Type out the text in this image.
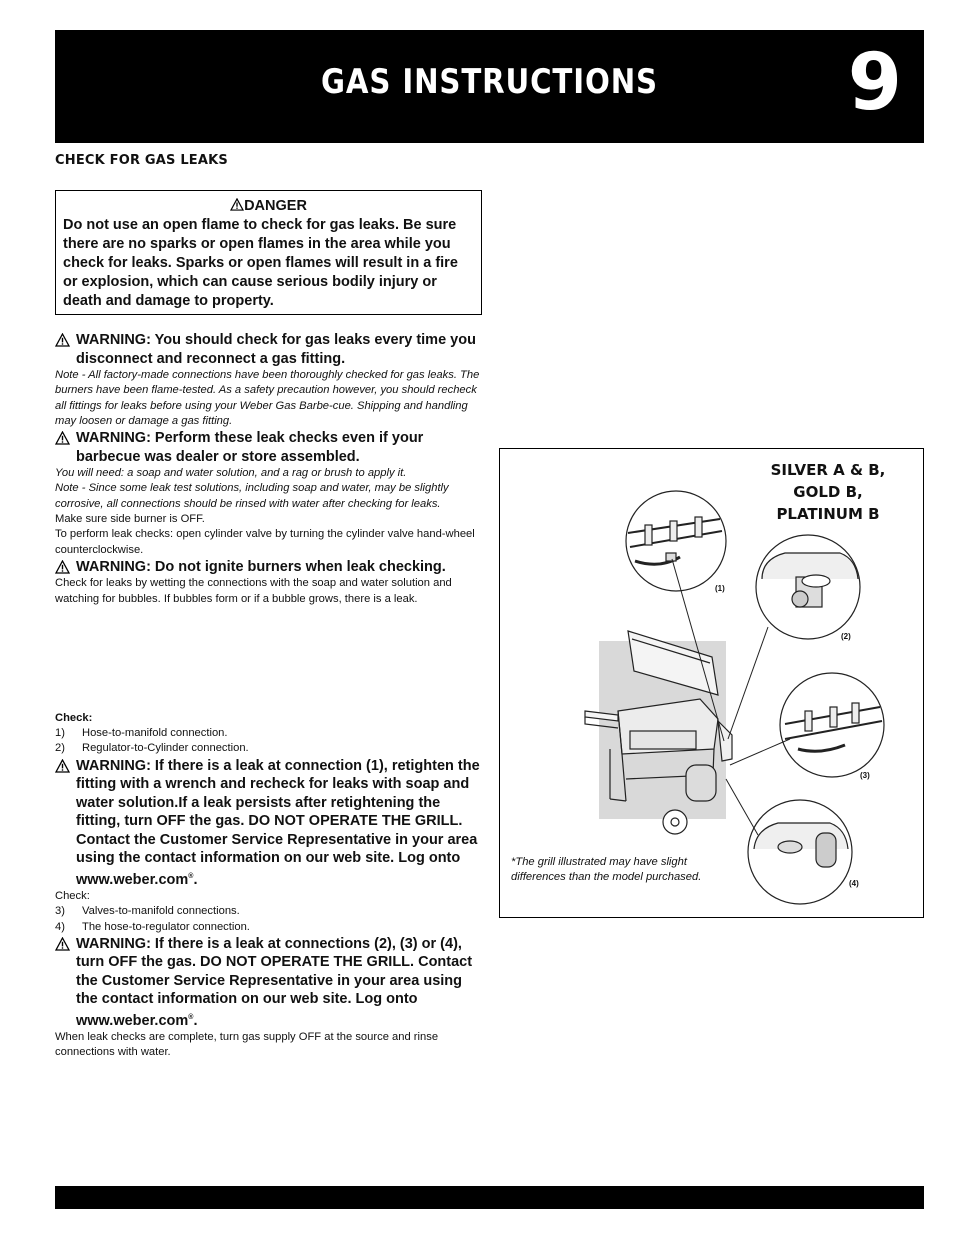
GAS INSTRUCTIONS	9
CHECK FOR GAS LEAKS
DANGER
Do not use an open flame to check for gas leaks. Be sure there are no sparks or open flames in the area while you check for leaks. Sparks or open flames will result in a fire or explosion, which can cause serious bodily injury or death and damage to property.
WARNING: You should check for gas leaks every time you disconnect and reconnect a gas fitting.
Note - All factory-made connections have been thoroughly checked for gas leaks. The burners have been flame-tested. As a safety precaution however, you should recheck all fittings for leaks before using your Weber Gas Barbe-cue. Shipping and handling may loosen or damage a gas fitting.
WARNING: Perform these leak checks even if your barbecue was dealer or store assembled.
You will need: a soap and water solution, and a rag or brush to apply it.
Note - Since some leak test solutions, including soap and water, may be slightly corrosive, all connections should be rinsed with water after checking for leaks.
Make sure side burner is OFF.
To perform leak checks: open cylinder valve by turning the cylinder valve hand-wheel counterclockwise.
WARNING: Do not ignite burners when leak checking.
Check for leaks by wetting the connections with the soap and water solution and watching for bubbles. If bubbles form or if a bubble grows, there is a leak.
Check:
1)	Hose-to-manifold connection.
2)	Regulator-to-Cylinder connection.
WARNING: If there is a leak at connection (1), retighten the fitting with a wrench and recheck for leaks with soap and water solution.If a leak persists after retightening the fitting, turn OFF the gas. DO NOT OPERATE THE GRILL. Contact the Customer Service Representative in your area using the contact information on our web site. Log onto www.weber.com®.
Check:
3)	Valves-to-manifold connections.
4)	The hose-to-regulator connection.
WARNING: If there is a leak at connections (2), (3) or (4), turn OFF the gas. DO NOT OPERATE THE GRILL. Contact the Customer Service Representative in your area using the contact information on our web site. Log onto www.weber.com®.
When leak checks are complete, turn gas supply OFF at the source and rinse connections with water.
SILVER A & B,
GOLD B,
PLATINUM B
(1)
(2)
(3)
(4)
*The grill illustrated may have slight differences than the model purchased.
